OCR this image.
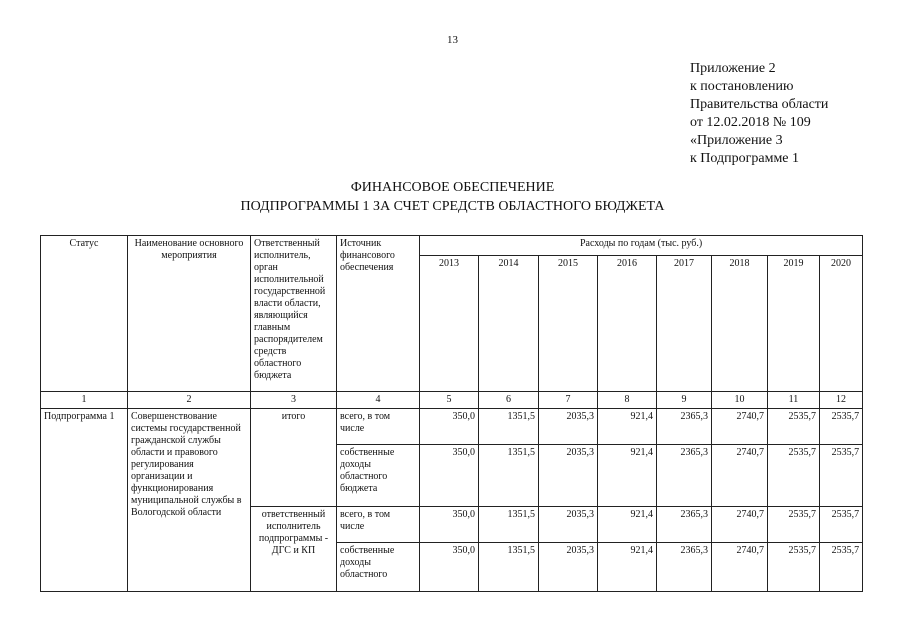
13
Приложение 2
к постановлению
Правительства области
от 12.02.2018 № 109
«Приложение 3
к Подпрограмме 1
ФИНАНСОВОЕ ОБЕСПЕЧЕНИЕ
ПОДПРОГРАММЫ 1 ЗА СЧЕТ СРЕДСТВ ОБЛАСТНОГО БЮДЖЕТА
Статус	Наименование основного мероприятия	Ответственный исполнитель, орган исполнительной государственной власти области, являющийся главным распорядителем средств областного бюджета	Источник финансового обеспечения	Расходы по годам (тыс. руб.)							
				2013	2014	2015	2016	2017	2018	2019	2020
1	2	3	4	5	6	7	8	9	10	11	12
Подпрограмма 1	Совершенствование системы государственной гражданской службы области и правового регулирования организации и функционирования муниципальной службы в Вологодской области	итого	всего, в том числе	350,0	1351,5	2035,3	921,4	2365,3	2740,7	2535,7	2535,7
			собственные доходы областного бюджета	350,0	1351,5	2035,3	921,4	2365,3	2740,7	2535,7	2535,7
		ответственный исполнитель подпрограммы - ДГС и КП	всего, в том числе	350,0	1351,5	2035,3	921,4	2365,3	2740,7	2535,7	2535,7
			собственные доходы областного	350,0	1351,5	2035,3	921,4	2365,3	2740,7	2535,7	2535,7
